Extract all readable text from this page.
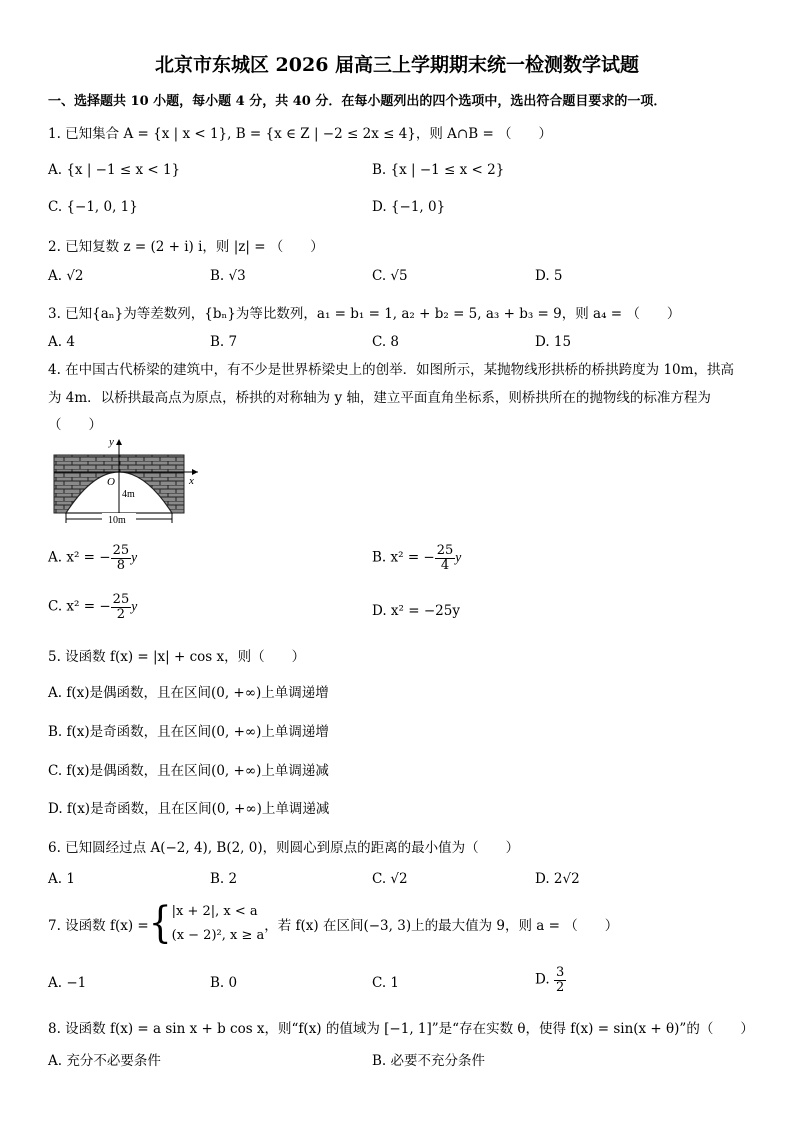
北京市东城区 2026 届高三上学期期末统一检测数学试题
一、选择题共 10 小题，每小题 4 分，共 40 分．在每小题列出的四个选项中，选出符合题目要求的一项．
1. 已知集合 A = {x | x < 1}, B = {x ∈ Z | −2 ≤ 2x ≤ 4}，则 A∩B = （　　）
A. {x | −1 ≤ x < 1}	B. {x | −1 ≤ x < 2}
C. {−1, 0, 1}	D. {−1, 0}
2. 已知复数 z = (2 + i) i，则 |z| = （　　）
A. √2	B. √3	C. √5	D. 5
3. 已知{aₙ}为等差数列，{bₙ}为等比数列，a₁ = b₁ = 1, a₂ + b₂ = 5, a₃ + b₃ = 9，则 a₄ = （　　）
A. 4	B. 7	C. 8	D. 15
4. 在中国古代桥梁的建筑中，有不少是世界桥梁史上的创举．如图所示，某抛物线形拱桥的桥拱跨度为 10m，拱高
为 4m．以桥拱最高点为原点，桥拱的对称轴为 y 轴，建立平面直角坐标系，则桥拱所在的抛物线的标准方程为
（　　）
y
x
O
4m
10m
A. x² = − $\frac{25}{8}$ y	B. x² = − $\frac{25}{4}$ y
C. x² = − $\frac{25}{2}$ y	D. x² = −25y
5. 设函数 f(x) = |x| + cos x，则（　　）
A. f(x)是偶函数，且在区间(0, +∞)上单调递增
B. f(x)是奇函数，且在区间(0, +∞)上单调递增
C. f(x)是偶函数，且在区间(0, +∞)上单调递减
D. f(x)是奇函数，且在区间(0, +∞)上单调递减
6. 已知圆经过点 A(−2, 4), B(2, 0)，则圆心到原点的距离的最小值为（　　）
A. 1	B. 2	C. √2	D. 2√2
7. 设函数 f(x) = { |x + 2|, x < a
(x − 2)², x ≥ a
，若 f(x) 在区间(−3, 3)上的最大值为 9，则 a = （　　）
A. −1	B. 0	C. 1	D. $\frac{3}{2}$
8. 设函数 f(x) = a sin x + b cos x，则“f(x) 的值域为 [−1, 1]”是“存在实数 θ，使得 f(x) = sin(x + θ)”的（　　）
A. 充分不必要条件	B. 必要不充分条件
